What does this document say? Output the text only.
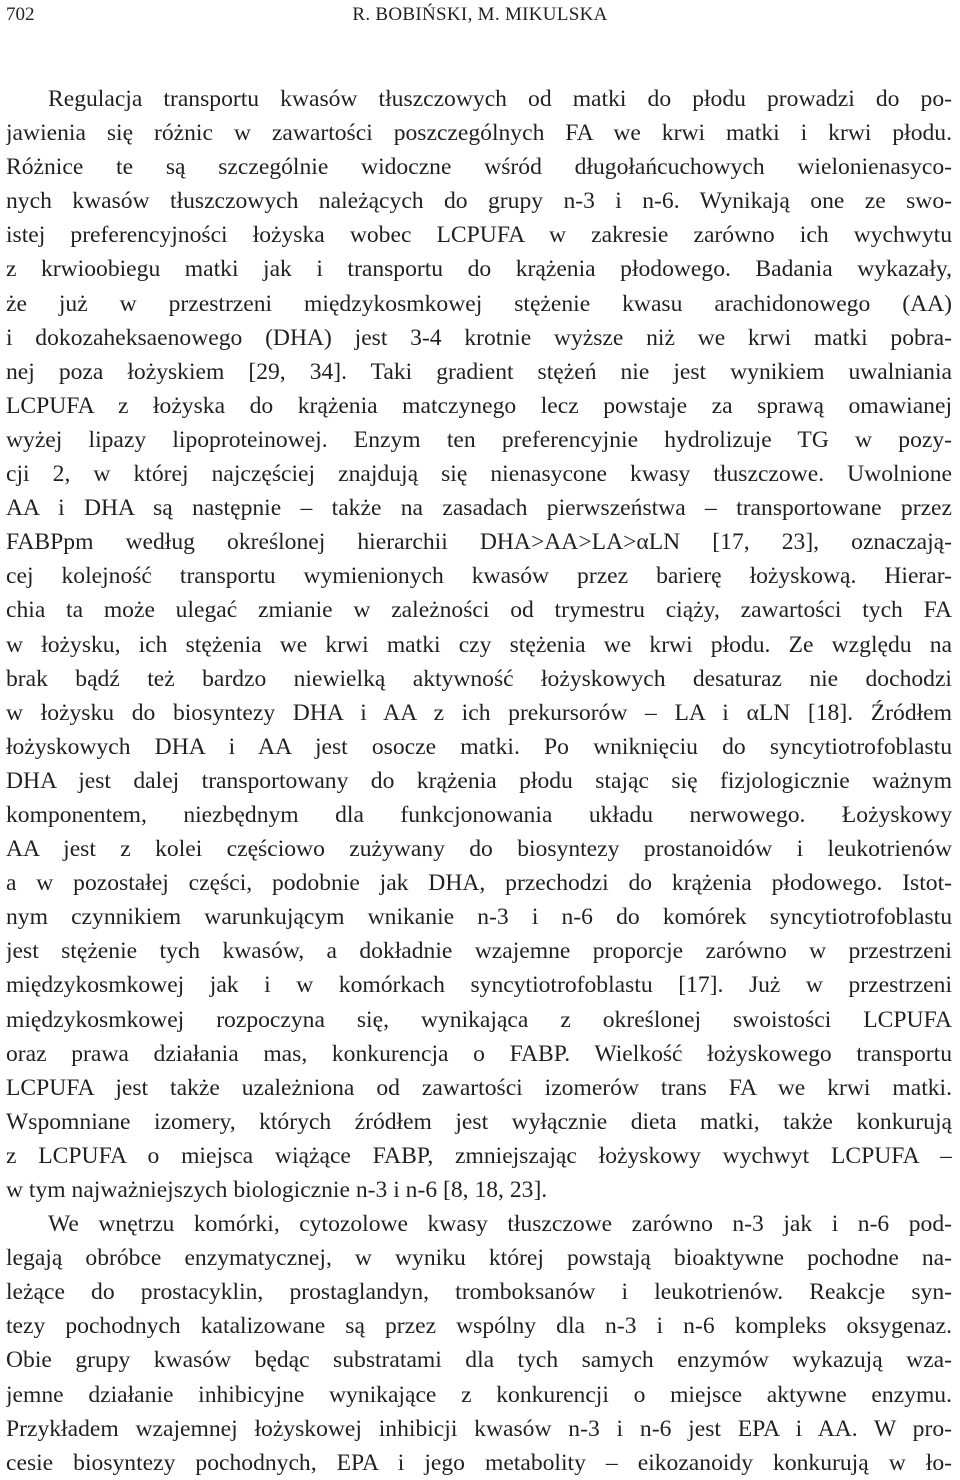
702	R. BOBIŃSKI, M. MIKULSKA
Regulacja transportu kwasów tłuszczowych od matki do płodu prowadzi do po-
jawienia się różnic w zawartości poszczególnych FA we krwi matki i krwi płodu.
Różnice te są szczególnie widoczne wśród długołańcuchowych wielonienasyco-
nych kwasów tłuszczowych należących do grupy n-3 i n-6. Wynikają one ze swo-
istej preferencyjności łożyska wobec LCPUFA w zakresie zarówno ich wychwytu
z krwioobiegu matki jak i transportu do krążenia płodowego. Badania wykazały,
że już w przestrzeni międzykosmkowej stężenie kwasu arachidonowego (AA)
i dokozaheksaenowego (DHA) jest 3-4 krotnie wyższe niż we krwi matki pobra-
nej poza łożyskiem [29, 34]. Taki gradient stężeń nie jest wynikiem uwalniania
LCPUFA z łożyska do krążenia matczynego lecz powstaje za sprawą omawianej
wyżej lipazy lipoproteinowej. Enzym ten preferencyjnie hydrolizuje TG w pozy-
cji 2, w której najczęściej znajdują się nienasycone kwasy tłuszczowe. Uwolnione
AA i DHA są następnie – także na zasadach pierwszeństwa – transportowane przez
FABPpm według określonej hierarchii DHA>AA>LA>αLN [17, 23], oznaczają-
cej kolejność transportu wymienionych kwasów przez barierę łożyskową. Hierar-
chia ta może ulegać zmianie w zależności od trymestru ciąży, zawartości tych FA
w łożysku, ich stężenia we krwi matki czy stężenia we krwi płodu. Ze względu na
brak bądź też bardzo niewielką aktywność łożyskowych desaturaz nie dochodzi
w łożysku do biosyntezy DHA i AA z ich prekursorów – LA i αLN [18]. Źródłem
łożyskowych DHA i AA jest osocze matki. Po wniknięciu do syncytiotrofoblastu
DHA jest dalej transportowany do krążenia płodu stając się fizjologicznie ważnym
komponentem, niezbędnym dla funkcjonowania układu nerwowego. Łożyskowy
AA jest z kolei częściowo zużywany do biosyntezy prostanoidów i leukotrienów
a w pozostałej części, podobnie jak DHA, przechodzi do krążenia płodowego. Istot-
nym czynnikiem warunkującym wnikanie n-3 i n-6 do komórek syncytiotrofoblastu
jest stężenie tych kwasów, a dokładnie wzajemne proporcje zarówno w przestrzeni
międzykosmkowej jak i w komórkach syncytiotrofoblastu [17]. Już w przestrzeni
międzykosmkowej rozpoczyna się, wynikająca z określonej swoistości LCPUFA
oraz prawa działania mas, konkurencja o FABP. Wielkość łożyskowego transportu
LCPUFA jest także uzależniona od zawartości izomerów trans FA we krwi matki.
Wspomniane izomery, których źródłem jest wyłącznie dieta matki, także konkurują
z LCPUFA o miejsca wiążące FABP, zmniejszając łożyskowy wychwyt LCPUFA –
w tym najważniejszych biologicznie n-3 i n-6 [8, 18, 23].
We wnętrzu komórki, cytozolowe kwasy tłuszczowe zarówno n-3 jak i n-6 pod-
legają obróbce enzymatycznej, w wyniku której powstają bioaktywne pochodne na-
leżące do prostacyklin, prostaglandyn, tromboksanów i leukotrienów. Reakcje syn-
tezy pochodnych katalizowane są przez wspólny dla n-3 i n-6 kompleks oksygenaz.
Obie grupy kwasów będąc substratami dla tych samych enzymów wykazują wza-
jemne działanie inhibicyjne wynikające z konkurencji o miejsce aktywne enzymu.
Przykładem wzajemnej łożyskowej inhibicji kwasów n-3 i n-6 jest EPA i AA. W pro-
cesie biosyntezy pochodnych, EPA i jego metabolity – eikozanoidy konkurują w ło-
